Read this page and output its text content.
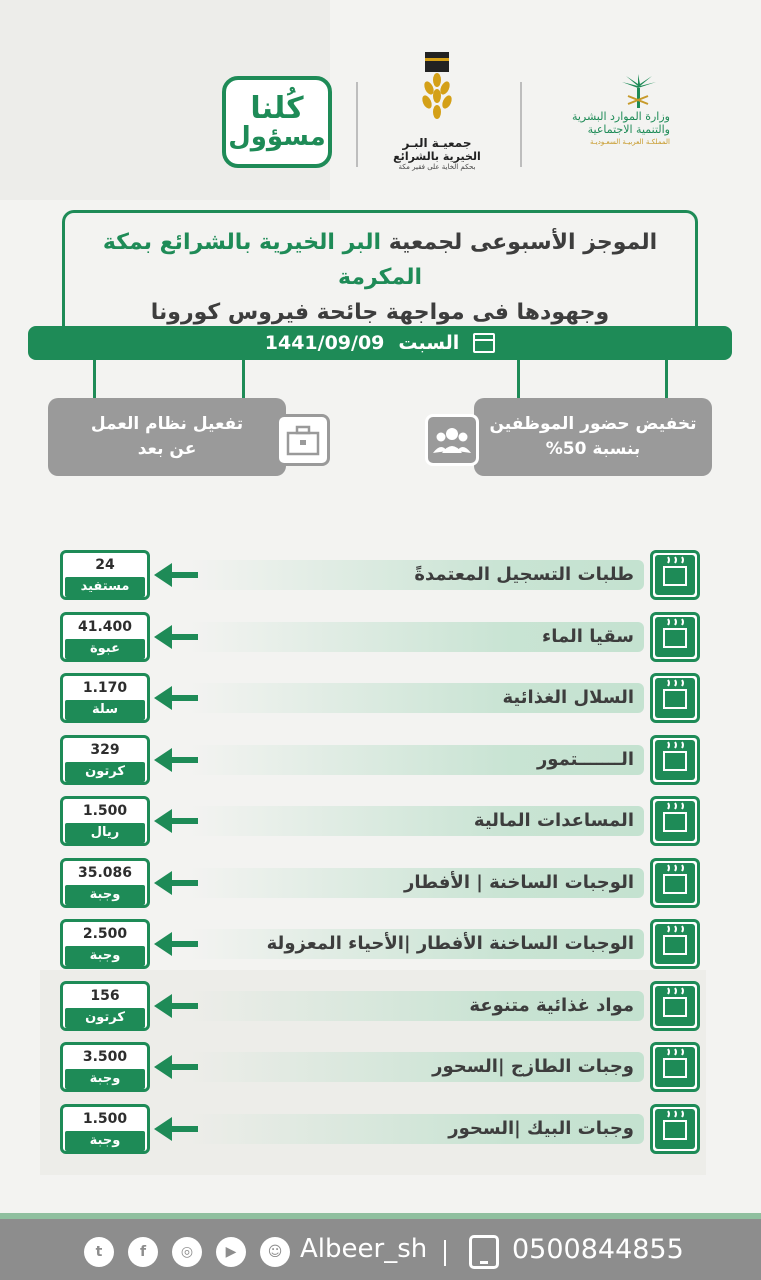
كُلنا
مسؤول	جمعيـة البـر
الخيرية بالشرائع
بحكم الخاية على فقير مكة
وزارة الموارد البشرية
والتنمية الاجتماعية
المملكـة العربيـة السعـوديـة
الموجز الأسبوعى لجمعية البر الخيرية بالشرائع بمكة المكرمة
وجهودها فى مواجهة جائحة فيروس كورونا
1441/09/09 السبت
تفعيل نظام العمل
عن بعد
تخفيض حضور الموظفين
بنسبة 50%
طلبات التسجيل المعتمدةً
24
مستفيد
سقيا الماء
41.400
عبوة
السلال الغذائية
1.170
سلة
الـــــــتمور
329
كرتون
المساعدات المالية
1.500
ريال
الوجبات الساخنة | الأفطار
35.086
وجبة
الوجبات الساخنة الأفطار |الأحياء المعزولة
2.500
وجبة
مواد غذائية متنوعة
156
كرتون
وجبات الطازج |السحور
3.500
وجبة
وجبات البيك |السحور
1.500
وجبة
t	f	◎	▶	☺ Albeer_sh	0500844855
